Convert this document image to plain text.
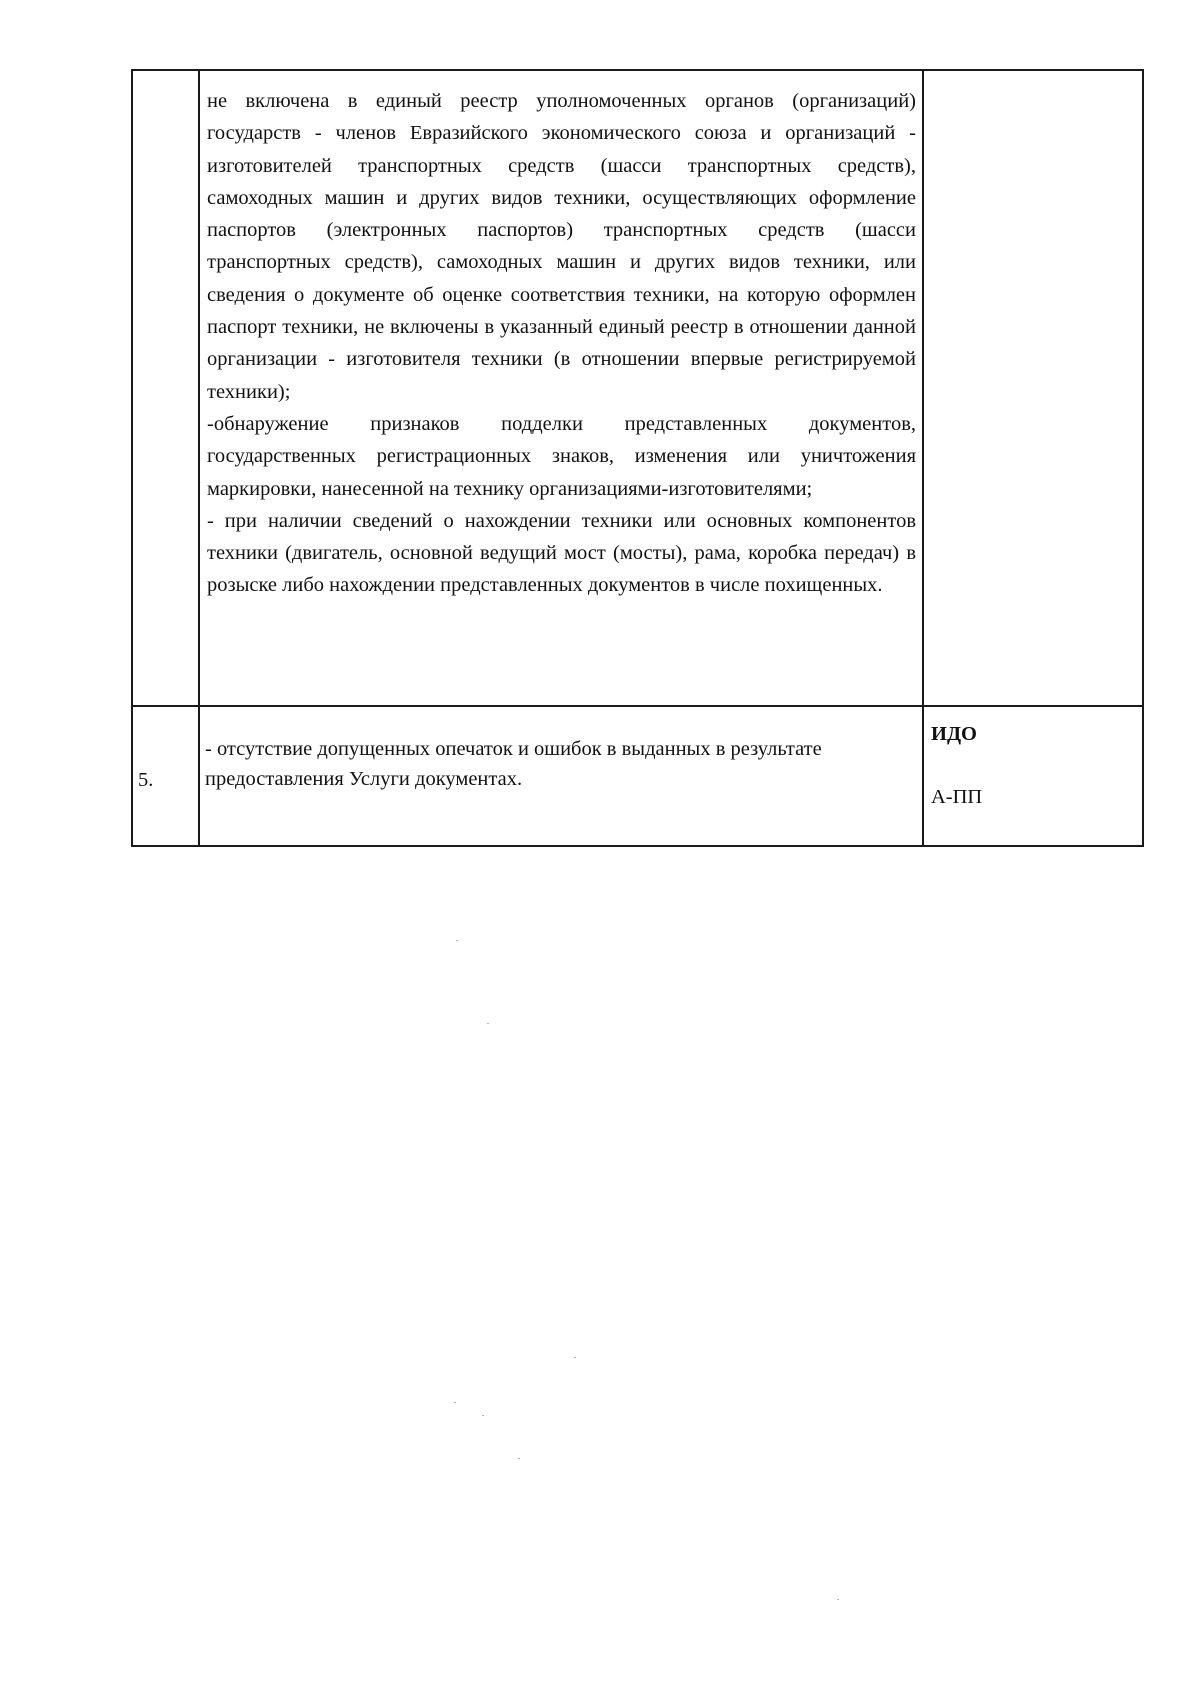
	не включена в единый реестр уполномоченных органов (организаций) государств - членов Евразийского экономического союза и организаций - изготовителей транспортных средств (шасси транспортных средств), самоходных машин и других видов техники, осуществляющих оформление паспортов (электронных паспортов) транспортных средств (шасси транспортных средств), самоходных машин и других видов техники, или сведения о документе об оценке соответствия техники, на которую оформлен паспорт техники, не включены в указанный единый реестр в отношении данной организации - изготовителя техники (в отношении впервые регистрируемой техники);

-обнаружение признаков подделки представленных документов, государственных регистрационных знаков, изменения или уничтожения маркировки, нанесенной на технику организациями-изготовителями;

- при наличии сведений о нахождении техники или основных компонентов техники (двигатель, основной ведущий мост (мосты), рама, коробка передач) в розыске либо нахождении представленных документов в числе похищенных.	

5.	- отсутствие допущенных опечаток и ошибок в выданных в результате предоставления Услуги документах.	ИДО

А-ПП
